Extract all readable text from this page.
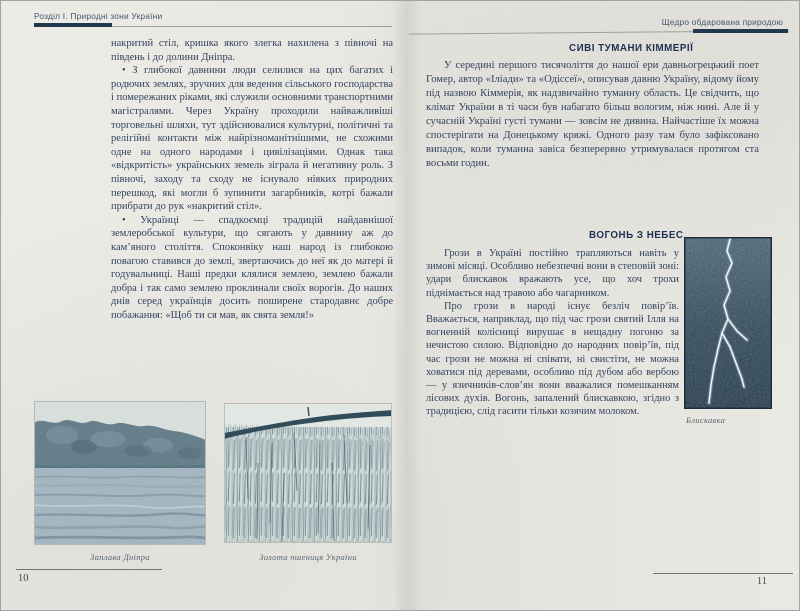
Розділ І. Природні зони України

накритий стіл, кришка якого злегка нахилена з півночі на південь і до долини Дніпра.

• З глибокої давнини люди селилися на цих багатих і родючих землях, зручних для ведення сільського господарства і помережаних ріками, які служили основними транспортними магістралями. Через Україну проходили найважливіші торговельні шляхи, тут здійснювалися культурні, політичні та релігійні контакти між найрізноманітнішими, не схожими одне на одного народами і цивілізаціями. Однак така «відкритість» українських земель зіграла й негативну роль. З півночі, заходу та сходу не існувало ніяких природних перешкод, які могли б зупинити загарбників, котрі бажали прибрати до рук «накритий стіл».

• Українці — спадкоємці традицій найдавнішої землеробської культури, що сягають у давнину аж до кам’яного століття. Споконвіку наш народ із глибокою повагою ставився до землі, звертаючись до неї як до матері й годувальниці. Наші предки клялися землею, землею бажали добра і так само землею проклинали своїх ворогів. До наших днів серед українців досить поширене стародавнє добре побажання: «Щоб ти ся мав, як свята земля!»

Заплава Дніпра	Золота пшениця України
10
Щедро обдарована природою
СИВІ ТУМАНИ КІММЕРІЇ

У середині першого тисячоліття до нашої ери давньогрецький поет Гомер, автор «Іліади» та «Одіссеї», описував давню Україну, відому йому під назвою Кіммерія, як надзвичайно туманну область. Це свідчить, що клімат України в ті часи був набагато більш вологим, ніж нині. Але й у сучасній Україні густі тумани — зовсім не дивина. Найчастіше їх можна спостерігати на Донецькому кряжі. Одного разу там було зафіксовано випадок, коли туманна завіса безперервно утримувалася протягом ста восьми годин.

ВОГОНЬ З НЕБЕС

Грози в Україні постійно трапляються навіть у зимові місяці. Особливо небезпечні вони в степовій зоні: удари блискавок вражають усе, що хоч трохи піднімається над травою або чагарником.

Про грози в народі існує безліч повір’їв. Вважається, наприклад, що під час грози святий Ілля на вогненній колісниці вирушає в нещадну погоню за нечистою силою. Відповідно до народних повір’їв, під час грози не можна ні співати, ні свистіти, не можна ховатися під деревами, особливо під дубом або вербою — у язичників-слов’ян вони вважалися помешканням лісових духів. Вогонь, запалений блискавкою, згідно з традицією, слід гасити тільки козячим молоком.

Блискавка
11
